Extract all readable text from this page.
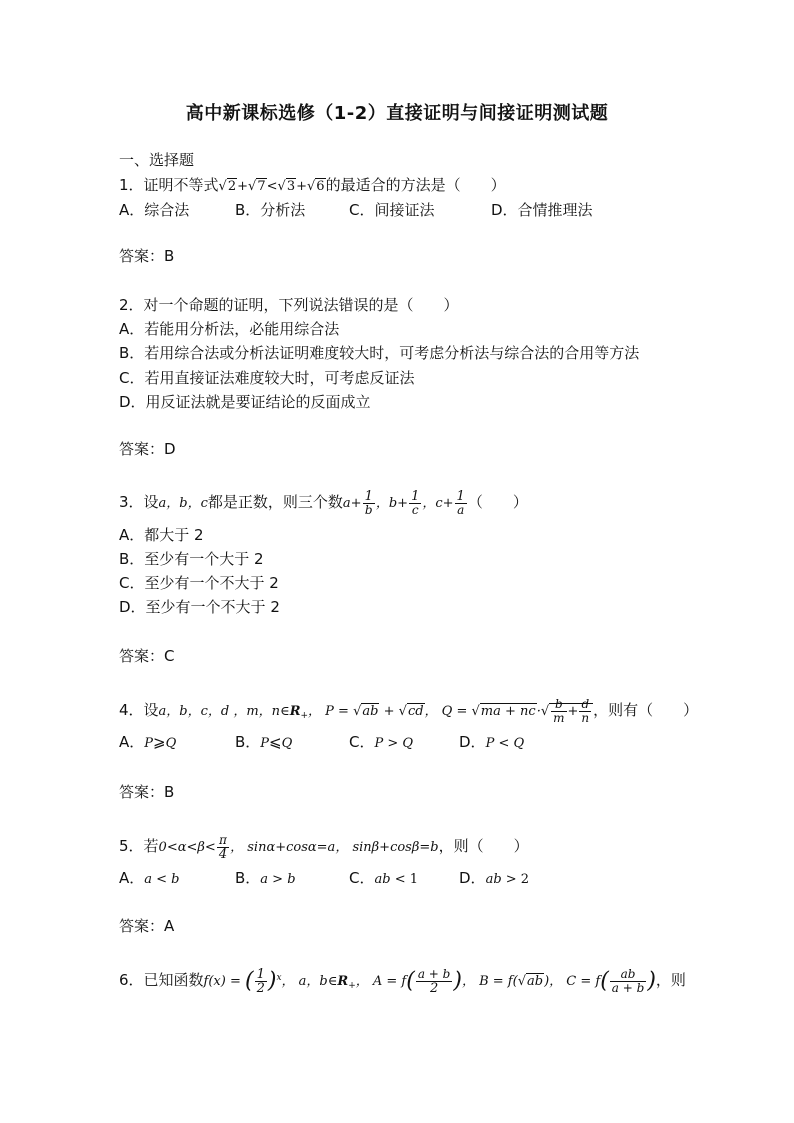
高中新课标选修（1-2）直接证明与间接证明测试题
一、选择题
1．证明不等式√2+√7<√3+√6的最适合的方法是（　　）
A．综合法	B．分析法	C．间接证法	D．合情推理法
答案：B
2．对一个命题的证明，下列说法错误的是（　　）
A．若能用分析法，必能用综合法
B．若用综合法或分析法证明难度较大时，可考虑分析法与综合法的合用等方法
C．若用直接证法难度较大时，可考虑反证法
D．用反证法就是要证结论的反面成立
答案：D
3．设a，b，c都是正数，则三个数$a+ \frac{1}{b}$ ，$b+ \frac{1}{c}$ ，$c+ \frac{1}{a}$ （　　）
A．都大于 2
B．至少有一个大于 2
C．至少有一个不大于 2
D．至少有一个不大于 2
答案：C
4．设a，b，c，d ，m，$n\in R_+$， P = √ab + √cd， $Q = √ma + nc\cdot√ \frac{b}{m} + \frac{d}{n}$ ，则有（　　）
A．P⩾Q	B．P⩽Q	C．P > Q	D．P < Q
答案：B
5．若$0<\alpha<\beta< \frac{\pi}{4}$ ， sinα+cosα=a， sinβ+cosβ=b，则（　　）
A．a < b	B．a > b	C．ab < 1	D．ab > 2
答案：A
6．已知函数f(x) = ( $\frac{1}{2} )^x$， a，$b\in R_+$， $A = f( \frac{a + b}{2}$ )， B = f(√ab)， $C = f( \frac{ab}{a + b}$ )，则
